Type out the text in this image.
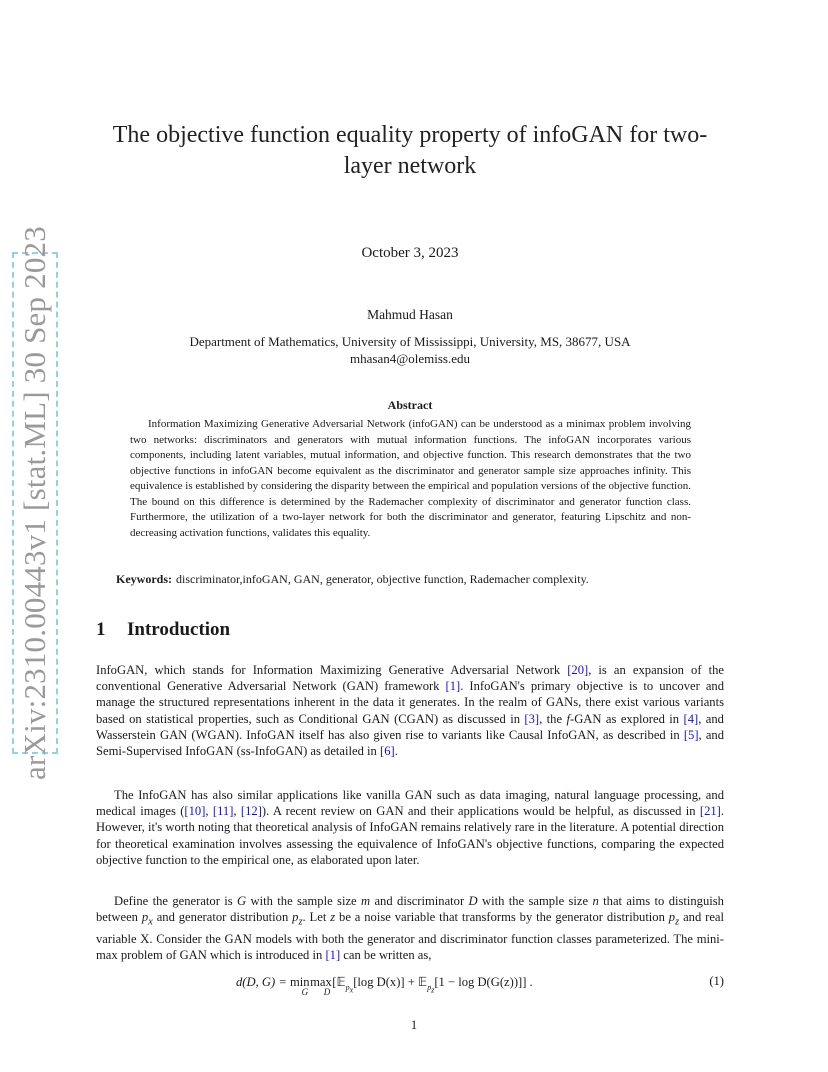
arXiv:2310.00443v1 [stat.ML] 30 Sep 2023
The objective function equality property of infoGAN for two-layer network
October 3, 2023
Mahmud Hasan
Department of Mathematics, University of Mississippi, University, MS, 38677, USA
mhasan4@olemiss.edu
Abstract
Information Maximizing Generative Adversarial Network (infoGAN) can be understood as a minimax problem involving two networks: discriminators and generators with mutual information functions. The infoGAN incorporates various components, including latent variables, mutual information, and objective function. This research demonstrates that the two objective functions in infoGAN become equivalent as the discriminator and generator sample size approaches infinity. This equivalence is established by considering the disparity between the empirical and population versions of the objective function. The bound on this difference is determined by the Rademacher complexity of discriminator and generator function class. Furthermore, the utilization of a two-layer network for both the discriminator and generator, featuring Lipschitz and non-decreasing activation functions, validates this equality.
Keywords: discriminator,infoGAN, GAN, generator, objective function, Rademacher complexity.
1 Introduction
InfoGAN, which stands for Information Maximizing Generative Adversarial Network [20], is an expansion of the conventional Generative Adversarial Network (GAN) framework [1]. InfoGAN's primary objective is to uncover and manage the structured representations inherent in the data it generates. In the realm of GANs, there exist various variants based on statistical properties, such as Conditional GAN (CGAN) as discussed in [3], the f-GAN as explored in [4], and Wasserstein GAN (WGAN). InfoGAN itself has also given rise to variants like Causal InfoGAN, as described in [5], and Semi-Supervised InfoGAN (ss-InfoGAN) as detailed in [6].
The InfoGAN has also similar applications like vanilla GAN such as data imaging, natural language processing, and medical images ([10], [11], [12]). A recent review on GAN and their applications would be helpful, as discussed in [21]. However, it's worth noting that theoretical analysis of InfoGAN remains relatively rare in the literature. A potential direction for theoretical examination involves assessing the equivalence of InfoGAN's objective functions, comparing the expected objective function to the empirical one, as elaborated upon later.
Define the generator is G with the sample size m and discriminator D with the sample size n that aims to distinguish between $p_x$ and generator distribution $p_z$. Let z be a noise variable that transforms by the generator distribution $p_z$ and real variable X. Consider the GAN models with both the generator and discriminator function classes parameterized. The mini-max problem of GAN which is introduced in [1] can be written as,
d(D, $G) = \min_G\max_D[𝔼_{p_x}[\log$ D(x)] + 𝔼$_{p_z}$[1 − log D(G(z))]] .	(1)
1
